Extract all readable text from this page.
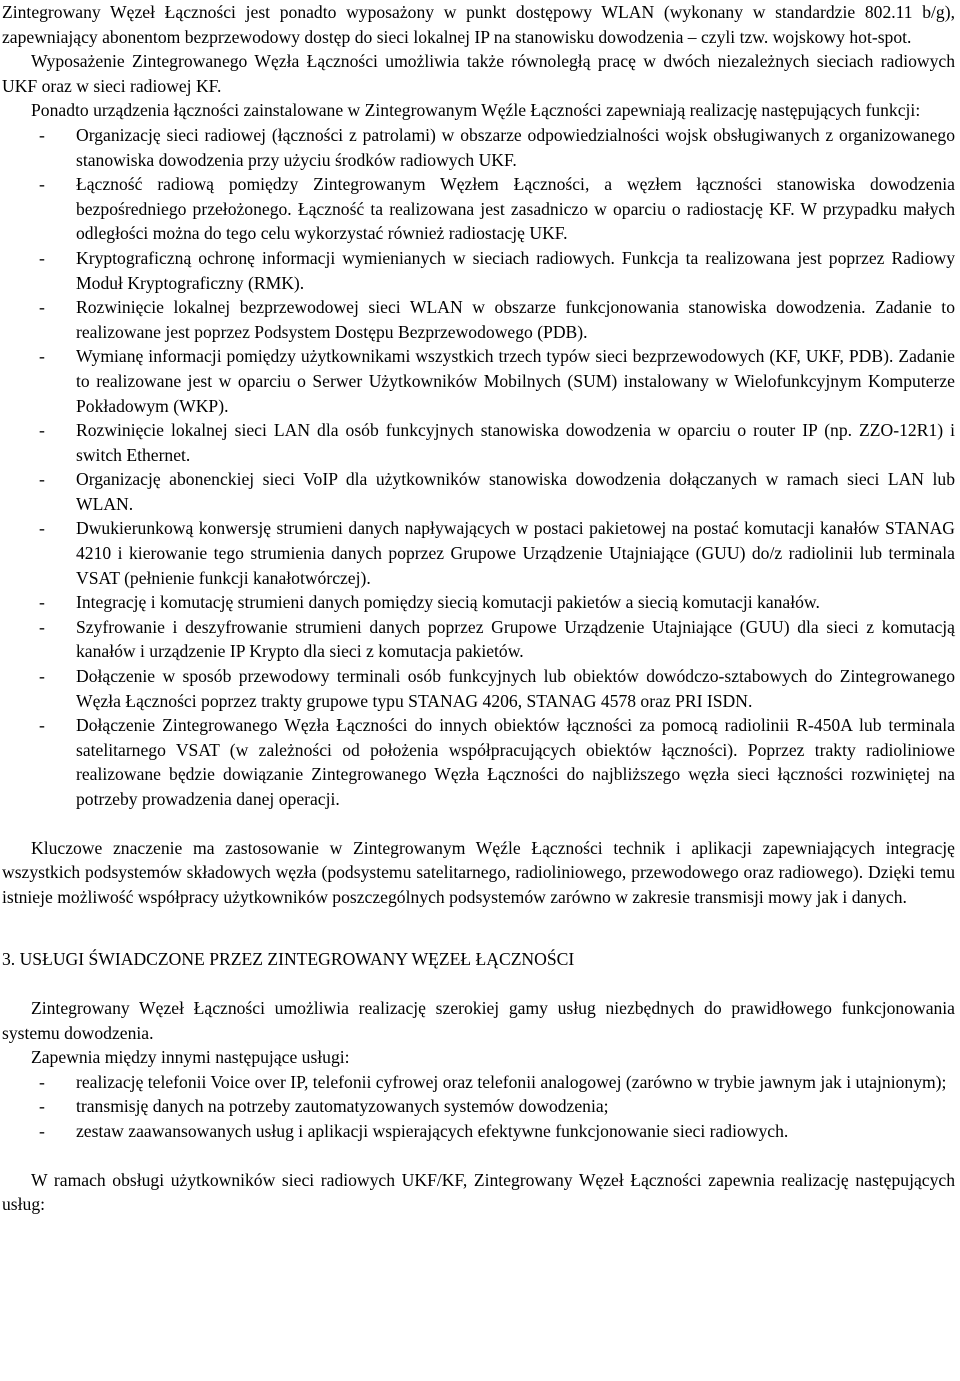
Zintegrowany Węzeł Łączności jest ponadto wyposażony w punkt dostępowy WLAN (wykonany w standardzie 802.11 b/g), zapewniający abonentom bezprzewodowy dostęp do sieci lokalnej IP na stanowisku dowodzenia – czyli tzw. wojskowy hot-spot.

Wyposażenie Zintegrowanego Węzła Łączności umożliwia także równoległą pracę w dwóch niezależnych sieciach radiowych UKF oraz w sieci radiowej KF.

Ponadto urządzenia łączności zainstalowane w Zintegrowanym Węźle Łączności zapewniają realizację następujących funkcji:

- Organizację sieci radiowej (łączności z patrolami) w obszarze odpowiedzialności wojsk obsługiwanych z organizowanego stanowiska dowodzenia przy użyciu środków radiowych UKF.
- Łączność radiową pomiędzy Zintegrowanym Węzłem Łączności, a węzłem łączności stanowiska dowodzenia bezpośredniego przełożonego. Łączność ta realizowana jest zasadniczo w oparciu o radiostację KF. W przypadku małych odległości można do tego celu wykorzystać również radiostację UKF.
- Kryptograficzną ochronę informacji wymienianych w sieciach radiowych. Funkcja ta realizowana jest poprzez Radiowy Moduł Kryptograficzny (RMK).
- Rozwinięcie lokalnej bezprzewodowej sieci WLAN w obszarze funkcjonowania stanowiska dowodzenia. Zadanie to realizowane jest poprzez Podsystem Dostępu Bezprzewodowego (PDB).
- Wymianę informacji pomiędzy użytkownikami wszystkich trzech typów sieci bezprzewodowych (KF, UKF, PDB). Zadanie to realizowane jest w oparciu o Serwer Użytkowników Mobilnych (SUM) instalowany w Wielofunkcyjnym Komputerze Pokładowym (WKP).
- Rozwinięcie lokalnej sieci LAN dla osób funkcyjnych stanowiska dowodzenia w oparciu o router IP (np. ZZO-12R1) i switch Ethernet.
- Organizację abonenckiej sieci VoIP dla użytkowników stanowiska dowodzenia dołączanych w ramach sieci LAN lub WLAN.
- Dwukierunkową konwersję strumieni danych napływających w postaci pakietowej na postać komutacji kanałów STANAG 4210 i kierowanie tego strumienia danych poprzez Grupowe Urządzenie Utajniające (GUU) do/z radiolinii lub terminala VSAT (pełnienie funkcji kanałotwórczej).
- Integrację i komutację strumieni danych pomiędzy siecią komutacji pakietów a siecią komutacji kanałów.
- Szyfrowanie i deszyfrowanie strumieni danych poprzez Grupowe Urządzenie Utajniające (GUU) dla sieci z komutacją kanałów i urządzenie IP Krypto dla sieci z komutacja pakietów.
- Dołączenie w sposób przewodowy terminali osób funkcyjnych lub obiektów dowódczo-sztabowych do Zintegrowanego Węzła Łączności poprzez trakty grupowe typu STANAG 4206, STANAG 4578 oraz PRI ISDN.
- Dołączenie Zintegrowanego Węzła Łączności do innych obiektów łączności za pomocą radiolinii R-450A lub terminala satelitarnego VSAT (w zależności od położenia współpracujących obiektów łączności). Poprzez trakty radioliniowe realizowane będzie dowiązanie Zintegrowanego Węzła Łączności do najbliższego węzła sieci łączności rozwiniętej na potrzeby prowadzenia danej operacji.

Kluczowe znaczenie ma zastosowanie w Zintegrowanym Węźle Łączności technik i aplikacji zapewniających integrację wszystkich podsystemów składowych węzła (podsystemu satelitarnego, radioliniowego, przewodowego oraz radiowego). Dzięki temu istnieje możliwość współpracy użytkowników poszczególnych podsystemów zarówno w zakresie transmisji mowy jak i danych.

3. USŁUGI ŚWIADCZONE PRZEZ ZINTEGROWANY WĘZEŁ ŁĄCZNOŚCI

Zintegrowany Węzeł Łączności umożliwia realizację szerokiej gamy usług niezbędnych do prawidłowego funkcjonowania systemu dowodzenia.

Zapewnia między innymi następujące usługi:

- realizację telefonii Voice over IP, telefonii cyfrowej oraz telefonii analogowej (zarówno w trybie jawnym jak i utajnionym);
- transmisję danych na potrzeby zautomatyzowanych systemów dowodzenia;
- zestaw zaawansowanych usług i aplikacji wspierających efektywne funkcjonowanie sieci radiowych.

W ramach obsługi użytkowników sieci radiowych UKF/KF, Zintegrowany Węzeł Łączności zapewnia realizację następujących usług:
